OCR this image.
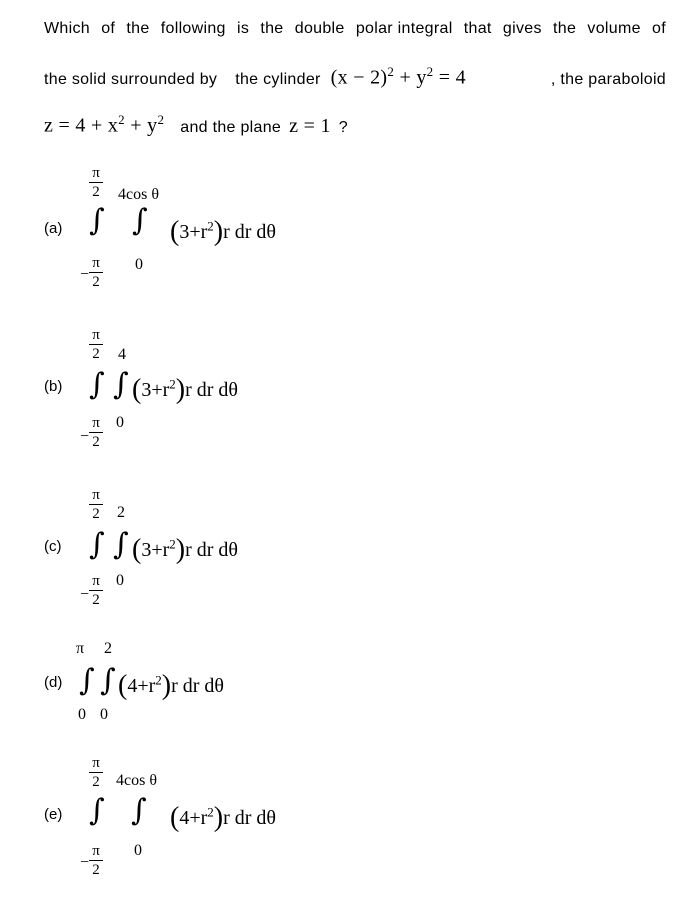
Which of the following is the double polar integral that gives the volume of
the solid surrounded by the cylinder $(x - 2)^2 + y^2 = 4$	, the paraboloid
$z = 4 + x^2 + y^2$ and the plane z = 1 ?
(a)
π
2
∫
−
π
2
4cos θ
∫
0
$(3+r^2)r$ dr dθ
(b)
π
2	4
∫ ∫
−
π
2
0
$(3+r^2)r$ dr dθ
(c)
π
2	2
∫ ∫
−
π
2
0
$(3+r^2)r$ dr dθ
(d)
π 2
∫ ∫
0 0
$(4+r^2)r$ dr dθ
(e)
π
2	4cos θ
∫ ∫
−
π
2
0
$(4+r^2)r$ dr dθ
